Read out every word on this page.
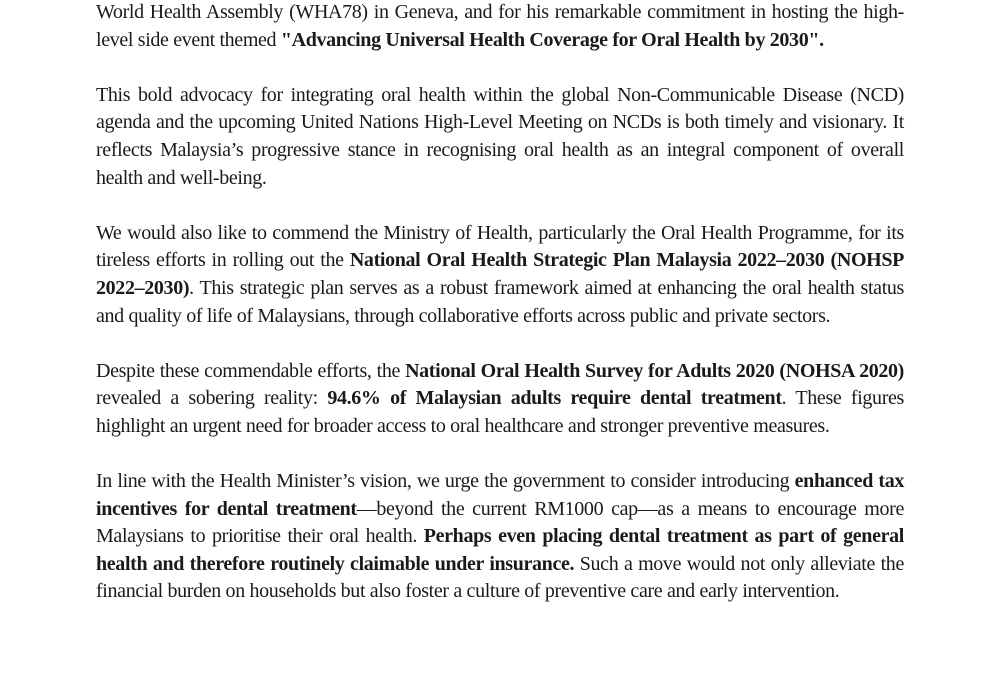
World Health Assembly (WHA78) in Geneva, and for his remarkable commitment in hosting the high-level side event themed "Advancing Universal Health Coverage for Oral Health by 2030".

This bold advocacy for integrating oral health within the global Non-Communicable Disease (NCD) agenda and the upcoming United Nations High-Level Meeting on NCDs is both timely and visionary. It reflects Malaysia’s progressive stance in recognising oral health as an integral component of overall health and well-being.

We would also like to commend the Ministry of Health, particularly the Oral Health Programme, for its tireless efforts in rolling out the National Oral Health Strategic Plan Malaysia 2022–2030 (NOHSP 2022–2030). This strategic plan serves as a robust framework aimed at enhancing the oral health status and quality of life of Malaysians, through collaborative efforts across public and private sectors.

Despite these commendable efforts, the National Oral Health Survey for Adults 2020 (NOHSA 2020) revealed a sobering reality: 94.6% of Malaysian adults require dental treatment. These figures highlight an urgent need for broader access to oral healthcare and stronger preventive measures.

In line with the Health Minister’s vision, we urge the government to consider introducing enhanced tax incentives for dental treatment—beyond the current RM1000 cap—as a means to encourage more Malaysians to prioritise their oral health. Perhaps even placing dental treatment as part of general health and therefore routinely claimable under insurance. Such a move would not only alleviate the financial burden on households but also foster a culture of preventive care and early intervention.
